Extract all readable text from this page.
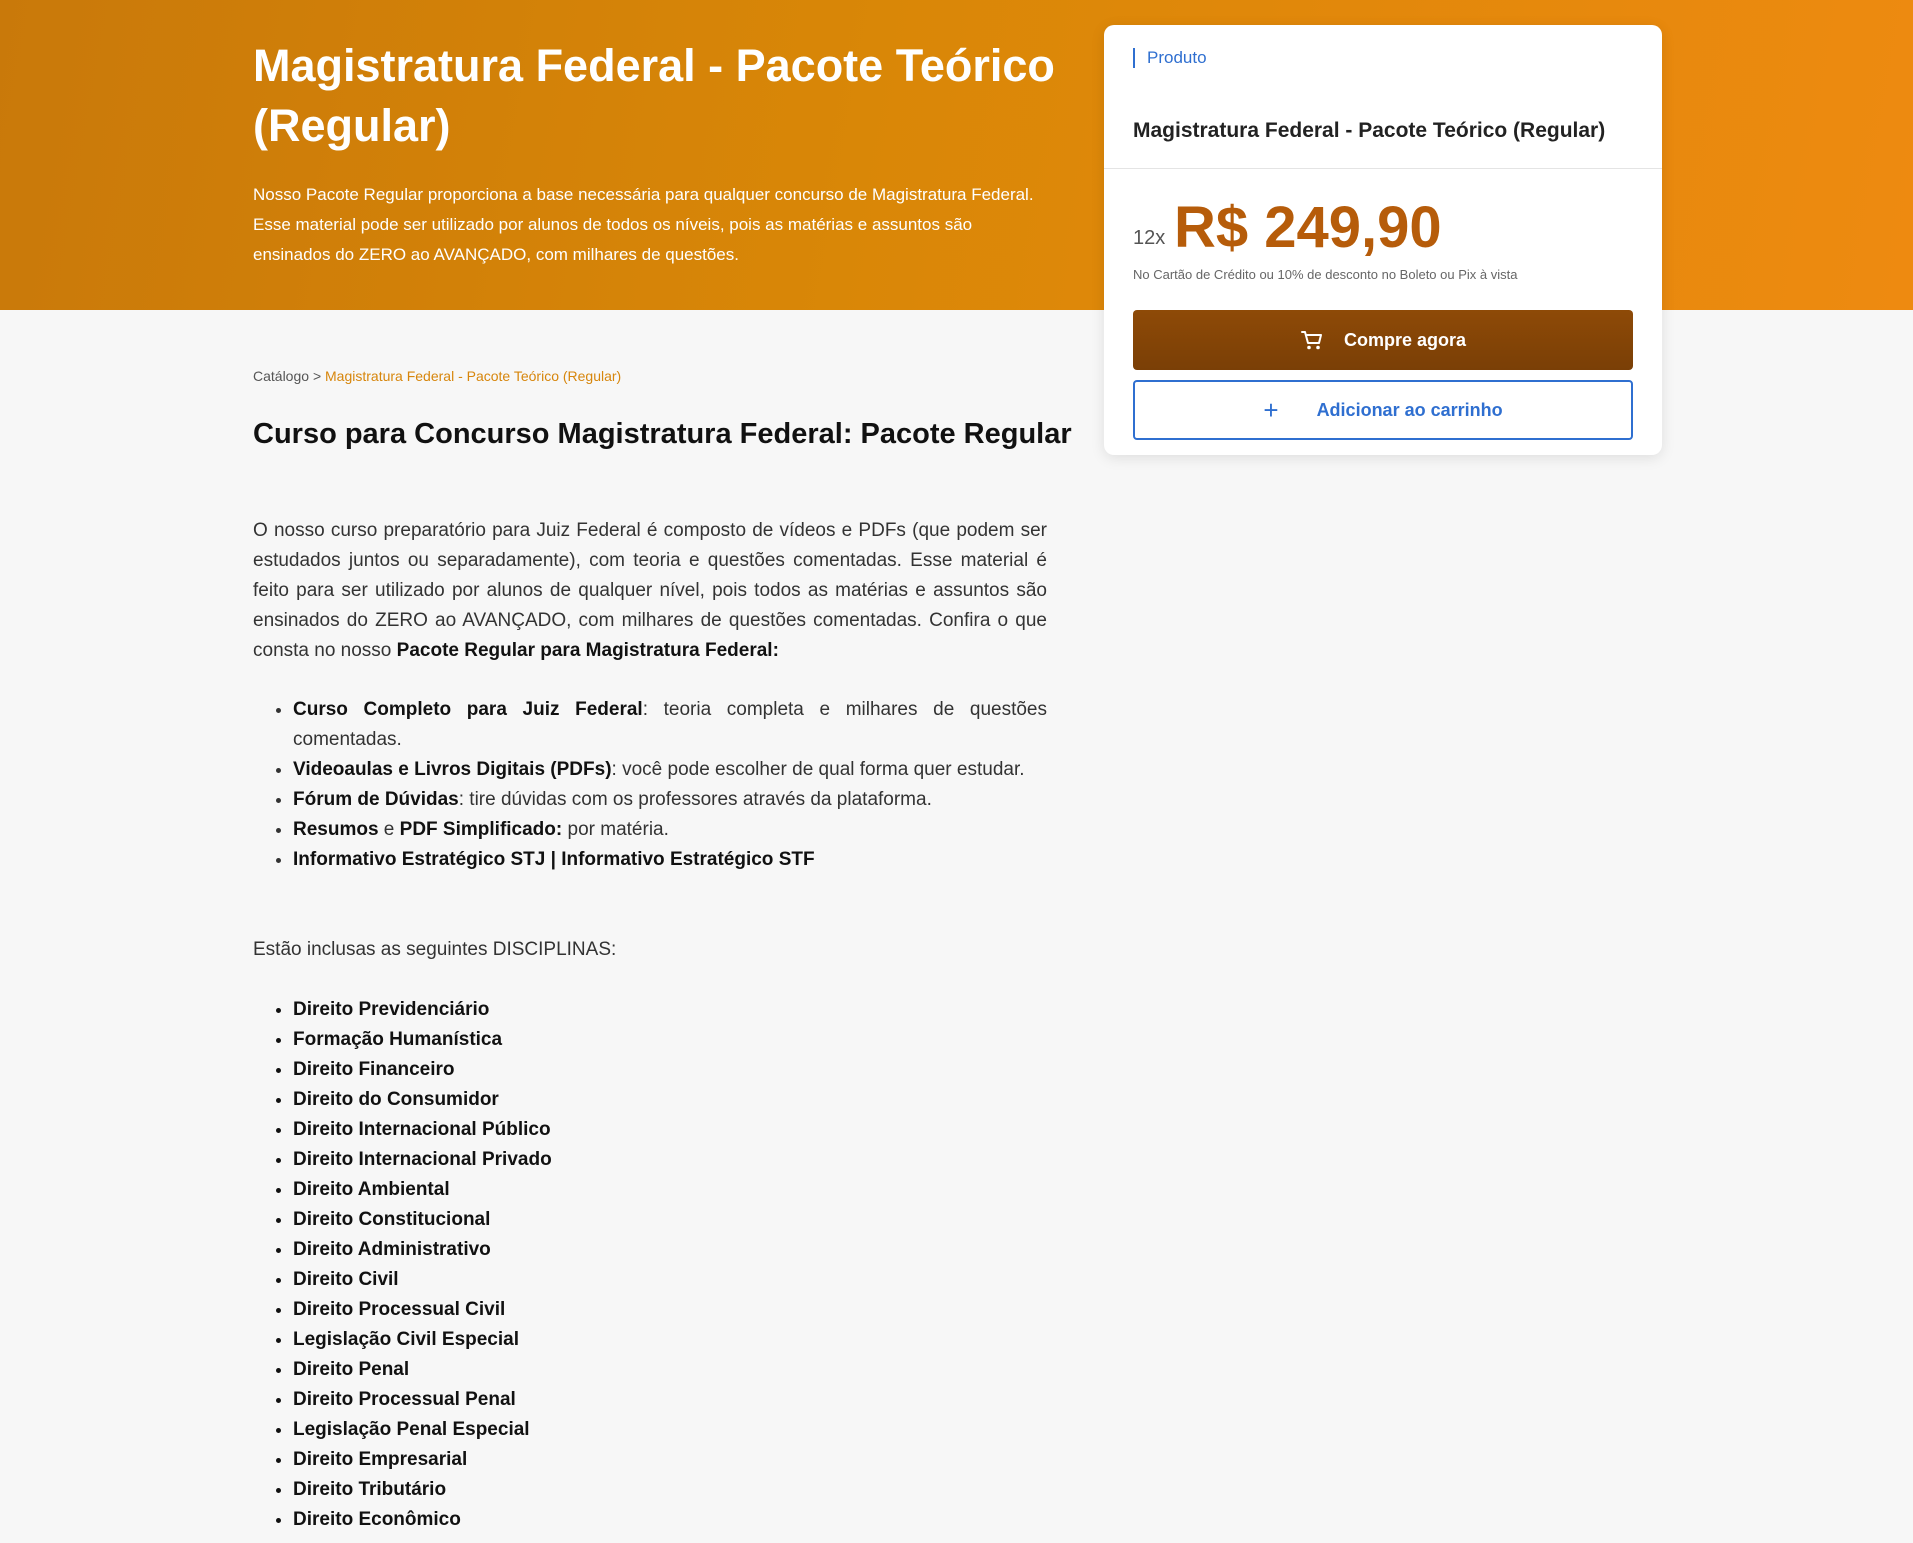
Magistratura Federal - Pacote Teórico (Regular)

Nosso Pacote Regular proporciona a base necessária para qualquer concurso de Magistratura Federal. Esse material pode ser utilizado por alunos de todos os níveis, pois as matérias e assuntos são ensinados do ZERO ao AVANÇADO, com milhares de questões.

Produto
Magistratura Federal - Pacote Teórico (Regular)
12x R$ 249,90
No Cartão de Crédito ou 10% de desconto no Boleto ou Pix à vista
Compre agora
+ Adicionar ao carrinho
Catálogo > Magistratura Federal - Pacote Teórico (Regular)
Curso para Concurso Magistratura Federal: Pacote Regular

O nosso curso preparatório para Juiz Federal é composto de vídeos e PDFs (que podem ser estudados juntos ou separadamente), com teoria e questões comentadas. Esse material é feito para ser utilizado por alunos de qualquer nível, pois todos as matérias e assuntos são ensinados do ZERO ao AVANÇADO, com milhares de questões comentadas. Confira o que consta no nosso Pacote Regular para Magistratura Federal:

• Curso Completo para Juiz Federal: teoria completa e milhares de questões comentadas.
• Videoaulas e Livros Digitais (PDFs): você pode escolher de qual forma quer estudar.
• Fórum de Dúvidas: tire dúvidas com os professores através da plataforma.
• Resumos e PDF Simplificado: por matéria.
• Informativo Estratégico STJ | Informativo Estratégico STF
Estão inclusas as seguintes DISCIPLINAS:
• Direito Previdenciário
• Formação Humanística
• Direito Financeiro
• Direito do Consumidor
• Direito Internacional Público
• Direito Internacional Privado
• Direito Ambiental
• Direito Constitucional
• Direito Administrativo
• Direito Civil
• Direito Processual Civil
• Legislação Civil Especial
• Direito Penal
• Direito Processual Penal
• Legislação Penal Especial
• Direito Empresarial
• Direito Tributário
• Direito Econômico
